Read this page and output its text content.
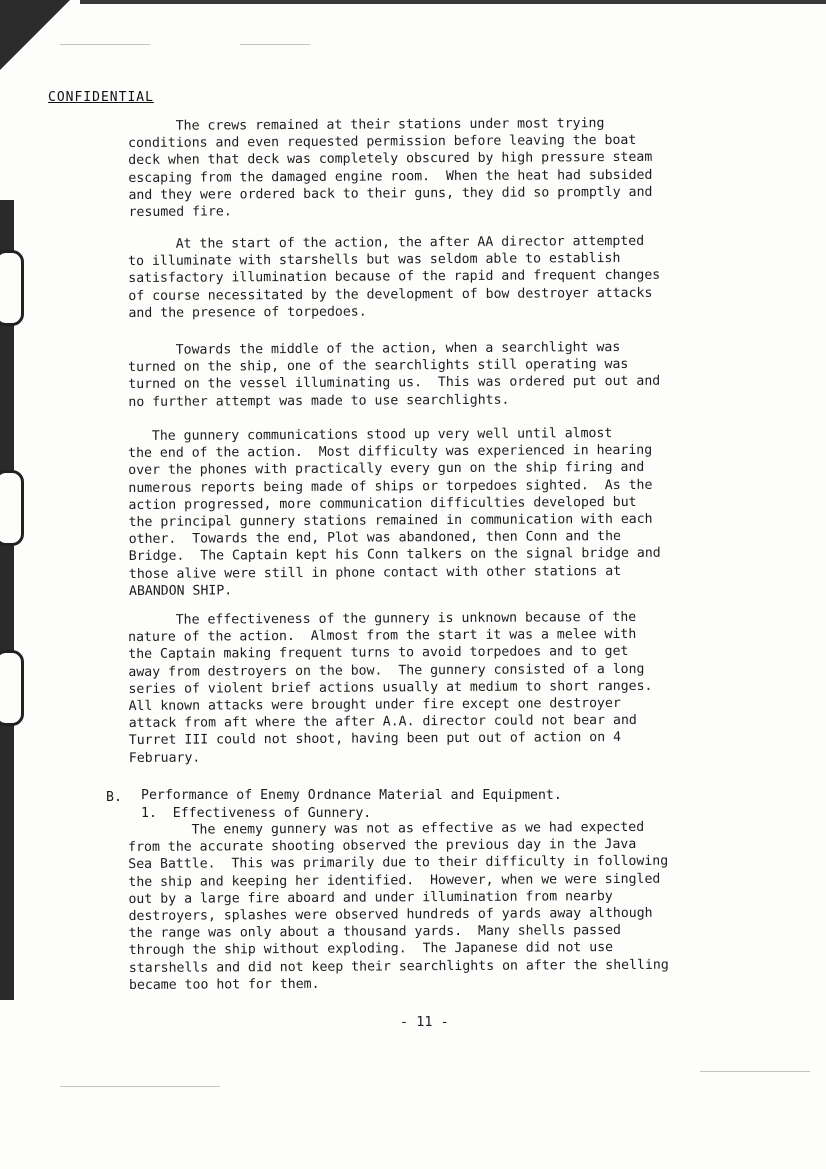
CONFIDENTIAL
The crews remained at their stations under most trying
conditions and even requested permission before leaving the boat
deck when that deck was completely obscured by high pressure steam
escaping from the damaged engine room.  When the heat had subsided
and they were ordered back to their guns, they did so promptly and
resumed fire.
At the start of the action, the after AA director attempted
to illuminate with starshells but was seldom able to establish
satisfactory illumination because of the rapid and frequent changes
of course necessitated by the development of bow destroyer attacks
and the presence of torpedoes.
Towards the middle of the action, when a searchlight was
turned on the ship, one of the searchlights still operating was
turned on the vessel illuminating us.  This was ordered put out and
no further attempt was made to use searchlights.
The gunnery communications stood up very well until almost
the end of the action.  Most difficulty was experienced in hearing
over the phones with practically every gun on the ship firing and
numerous reports being made of ships or torpedoes sighted.  As the
action progressed, more communication difficulties developed but
the principal gunnery stations remained in communication with each
other.  Towards the end, Plot was abandoned, then Conn and the
Bridge.  The Captain kept his Conn talkers on the signal bridge and
those alive were still in phone contact with other stations at
ABANDON SHIP.
The effectiveness of the gunnery is unknown because of the
nature of the action.  Almost from the start it was a melee with
the Captain making frequent turns to avoid torpedoes and to get
away from destroyers on the bow.  The gunnery consisted of a long
series of violent brief actions usually at medium to short ranges.
All known attacks were brought under fire except one destroyer
attack from aft where the after A.A. director could not bear and
Turret III could not shoot, having been put out of action on 4
February.
B. Performance of Enemy Ordnance Material and Equipment.
1.  Effectiveness of Gunnery.
The enemy gunnery was not as effective as we had expected
from the accurate shooting observed the previous day in the Java
Sea Battle.  This was primarily due to their difficulty in following
the ship and keeping her identified.  However, when we were singled
out by a large fire aboard and under illumination from nearby
destroyers, splashes were observed hundreds of yards away although
the range was only about a thousand yards.  Many shells passed
through the ship without exploding.  The Japanese did not use
starshells and did not keep their searchlights on after the shelling
became too hot for them.
- 11 -
